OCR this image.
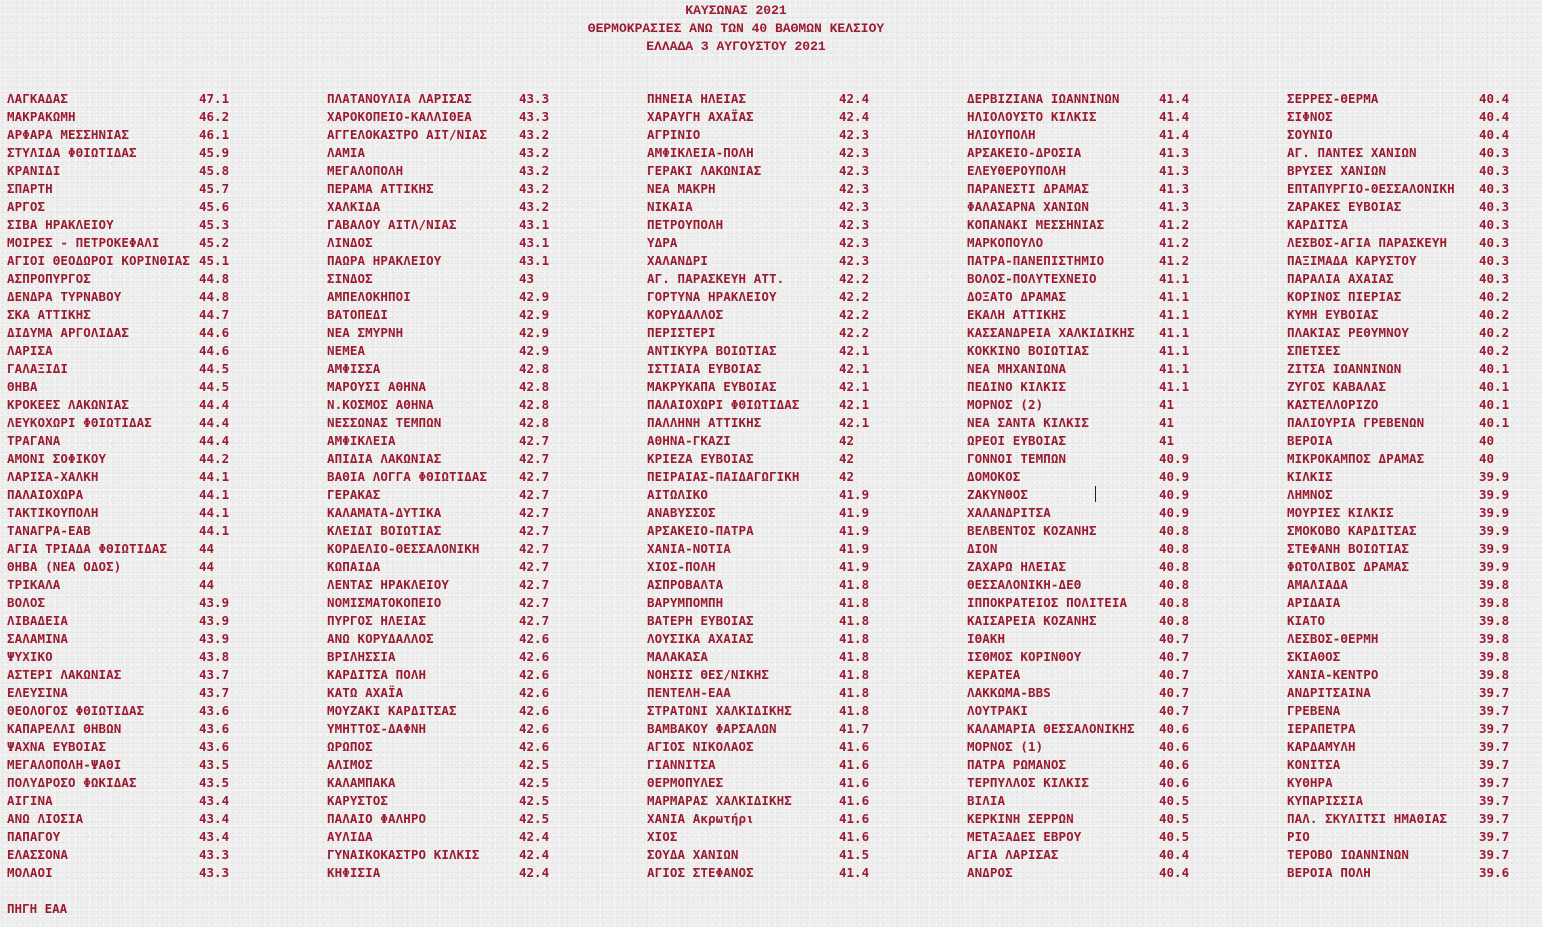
ΚΑΥΣΩΝΑΣ 2021
ΘΕΡΜΟΚΡΑΣΙΕΣ ΑΝΩ ΤΩΝ 40 ΒΑΘΜΩΝ ΚΕΛΣΙΟΥ
ΕΛΛΑΔΑ 3 ΑΥΓΟΥΣΤΟΥ 2021
ΛΑΓΚΑΔΑΣ	47.1
ΜΑΚΡΑΚΩΜΗ	46.2
ΑΡΦΑΡΑ ΜΕΣΣΗΝΙΑΣ	46.1
ΣΤΥΛΙΔΑ ΦΘΙΩΤΙΔΑΣ	45.9
ΚΡΑΝΙΔΙ	45.8
ΣΠΑΡΤΗ	45.7
ΑΡΓΟΣ	45.6
ΣΙΒΑ ΗΡΑΚΛΕΙΟΥ	45.3
ΜΟΙΡΕΣ - ΠΕΤΡΟΚΕΦΑΛΙ	45.2
ΑΓΙΟΙ ΘΕΟΔΩΡΟΙ ΚΟΡΙΝΘΙΑΣ 45.1
ΑΣΠΡΟΠΥΡΓΟΣ	44.8
ΔΕΝΔΡΑ ΤΥΡΝΑΒΟΥ	44.8
ΣΚΑ ΑΤΤΙΚΗΣ	44.7
ΔΙΔΥΜΑ ΑΡΓΟΛΙΔΑΣ	44.6
ΛΑΡΙΣΑ	44.6
ΓΑΛΑΞΙΔΙ	44.5
ΘΗΒΑ	44.5
ΚΡΟΚΕΕΣ ΛΑΚΩΝΙΑΣ	44.4
ΛΕΥΚΟΧΩΡΙ ΦΘΙΩΤΙΔΑΣ	44.4
ΤΡΑΓΑΝΑ	44.4
ΑΜΟΝΙ ΣΟΦΙΚΟΥ	44.2
ΛΑΡΙΣΑ-ΧΑΛΚΗ	44.1
ΠΑΛΑΙΟΧΩΡΑ	44.1
ΤΑΚΤΙΚΟΥΠΟΛΗ	44.1
ΤΑΝΑΓΡΑ-ΕΑΒ	44.1
ΑΓΙΑ ΤΡΙΑΔΑ ΦΘΙΩΤΙΔΑΣ	44
ΘΗΒΑ (ΝΕΑ ΟΔΟΣ)	44
ΤΡΙΚΑΛΑ	44
ΒΟΛΟΣ	43.9
ΛΙΒΑΔΕΙΑ	43.9
ΣΑΛΑΜΙΝΑ	43.9
ΨΥΧΙΚΟ	43.8
ΑΣΤΕΡΙ ΛΑΚΩΝΙΑΣ	43.7
ΕΛΕΥΣΙΝΑ	43.7
ΘΕΟΛΟΓΟΣ ΦΘΙΩΤΙΔΑΣ	43.6
ΚΑΠΑΡΕΛΛΙ ΘΗΒΩΝ	43.6
ΨΑΧΝΑ ΕΥΒΟΙΑΣ	43.6
ΜΕΓΑΛΟΠΟΛΗ-ΨΑΘΙ	43.5
ΠΟΛΥΔΡΟΣΟ ΦΩΚΙΔΑΣ	43.5
ΑΙΓΙΝΑ	43.4
ΑΝΩ ΛΙΟΣΙΑ	43.4
ΠΑΠΑΓΟΥ	43.4
ΕΛΑΣΣΟΝΑ	43.3
ΜΟΛΑΟΙ	43.3
ΠΛΑΤΑΝΟΥΛΙΑ ΛΑΡΙΣΑΣ	43.3
ΧΑΡΟΚΟΠΕΙΟ-ΚΑΛΛΙΘΕΑ	43.3
ΑΓΓΕΛΟΚΑΣΤΡΟ ΑΙΤ/ΝΙΑΣ	43.2
ΛΑΜΙΑ	43.2
ΜΕΓΑΛΟΠΟΛΗ	43.2
ΠΕΡΑΜΑ ΑΤΤΙΚΗΣ	43.2
ΧΑΛΚΙΔΑ	43.2
ΓΑΒΑΛΟΥ ΑΙΤΛ/ΝΙΑΣ	43.1
ΛΙΝΔΟΣ	43.1
ΠΑΩΡΑ ΗΡΑΚΛΕΙΟΥ	43.1
ΣΙΝΔΟΣ	43
ΑΜΠΕΛΟΚΗΠΟΙ	42.9
ΒΑΤΟΠΕΔΙ	42.9
ΝΕΑ ΣΜΥΡΝΗ	42.9
ΝΕΜΕΑ	42.9
ΑΜΦΙΣΣΑ	42.8
ΜΑΡΟΥΣΙ ΑΘΗΝΑ	42.8
Ν.ΚΟΣΜΟΣ ΑΘΗΝΑ	42.8
ΝΕΣΣΩΝΑΣ ΤΕΜΠΩΝ	42.8
ΑΜΦΙΚΛΕΙΑ	42.7
ΑΠΙΔΙΑ ΛΑΚΩΝΙΑΣ	42.7
ΒΑΘΙΑ ΛΟΓΓΑ ΦΘΙΩΤΙΔΑΣ	42.7
ΓΕΡΑΚΑΣ	42.7
ΚΑΛΑΜΑΤΑ-ΔΥΤΙΚΑ	42.7
ΚΛΕΙΔΙ ΒΟΙΩΤΙΑΣ	42.7
ΚΟΡΔΕΛΙΟ-ΘΕΣΣΑΛΟΝΙΚΗ	42.7
ΚΩΠΑΙΔΑ	42.7
ΛΕΝΤΑΣ ΗΡΑΚΛΕΙΟΥ	42.7
ΝΟΜΙΣΜΑΤΟΚΟΠΕΙΟ	42.7
ΠΥΡΓΟΣ ΗΛΕΙΑΣ	42.7
ΑΝΩ ΚΟΡΥΔΑΛΛΟΣ	42.6
ΒΡΙΛΗΣΣΙΑ	42.6
ΚΑΡΔΙΤΣΑ ΠΟΛΗ	42.6
ΚΑΤΩ ΑΧΑΪΑ	42.6
ΜΟΥΖΑΚΙ ΚΑΡΔΙΤΣΑΣ	42.6
ΥΜΗΤΤΟΣ-ΔΑΦΝΗ	42.6
ΩΡΩΠΟΣ	42.6
ΑΛΙΜΟΣ	42.5
ΚΑΛΑΜΠΑΚΑ	42.5
ΚΑΡΥΣΤΟΣ	42.5
ΠΑΛΑΙΟ ΦΑΛΗΡΟ	42.5
ΑΥΛΙΔΑ	42.4
ΓΥΝΑΙΚΟΚΑΣΤΡΟ ΚΙΛΚΙΣ	42.4
ΚΗΦΙΣΙΑ	42.4
ΠΗΝΕΙΑ ΗΛΕΙΑΣ	42.4
ΧΑΡΑΥΓΗ ΑΧΑΪΑΣ	42.4
ΑΓΡΙΝΙΟ	42.3
ΑΜΦΙΚΛΕΙΑ-ΠΟΛΗ	42.3
ΓΕΡΑΚΙ ΛΑΚΩΝΙΑΣ	42.3
ΝΕΑ ΜΑΚΡΗ	42.3
ΝΙΚΑΙΑ	42.3
ΠΕΤΡΟΥΠΟΛΗ	42.3
ΥΔΡΑ	42.3
ΧΑΛΑΝΔΡΙ	42.3
ΑΓ. ΠΑΡΑΣΚΕΥΗ ΑΤΤ.	42.2
ΓΟΡΤΥΝΑ ΗΡΑΚΛΕΙΟΥ	42.2
ΚΟΡΥΔΑΛΛΟΣ	42.2
ΠΕΡΙΣΤΕΡΙ	42.2
ΑΝΤΙΚΥΡΑ ΒΟΙΩΤΙΑΣ	42.1
ΙΣΤΙΑΙΑ ΕΥΒΟΙΑΣ	42.1
ΜΑΚΡΥΚΑΠΑ ΕΥΒΟΙΑΣ	42.1
ΠΑΛΑΙΟΧΩΡΙ ΦΘΙΩΤΙΔΑΣ	42.1
ΠΑΛΛΗΝΗ ΑΤΤΙΚΗΣ	42.1
ΑΘΗΝΑ-ΓΚΑΖΙ	42
ΚΡΙΕΖΑ ΕΥΒΟΙΑΣ	42
ΠΕΙΡΑΙΑΣ-ΠΑΙΔΑΓΩΓΙΚΗ	42
ΑΙΤΩΛΙΚΟ	41.9
ΑΝΑΒΥΣΣΟΣ	41.9
ΑΡΣΑΚΕΙΟ-ΠΑΤΡΑ	41.9
ΧΑΝΙΑ-ΝΟΤΙΑ	41.9
ΧΙΟΣ-ΠΟΛΗ	41.9
ΑΣΠΡΟΒΑΛΤΑ	41.8
ΒΑΡΥΜΠΟΜΠΗ	41.8
ΒΑΤΕΡΗ ΕΥΒΟΙΑΣ	41.8
ΛΟΥΣΙΚΑ ΑΧΑΙΑΣ	41.8
ΜΑΛΑΚΑΣΑ	41.8
ΝΟΗΣΙΣ ΘΕΣ/ΝΙΚΗΣ	41.8
ΠΕΝΤΕΛΗ-ΕΑΑ	41.8
ΣΤΡΑΤΩΝΙ ΧΑΛΚΙΔΙΚΗΣ	41.8
ΒΑΜΒΑΚΟΥ ΦΑΡΣΑΛΩΝ	41.7
ΑΓΙΟΣ ΝΙΚΟΛΑΟΣ	41.6
ΓΙΑΝΝΙΤΣΑ	41.6
ΘΕΡΜΟΠΥΛΕΣ	41.6
ΜΑΡΜΑΡΑΣ ΧΑΛΚΙΔΙΚΗΣ	41.6
ΧΑΝΙΑ Ακρωτήρι	41.6
ΧΙΟΣ	41.6
ΣΟΥΔΑ ΧΑΝΙΩΝ	41.5
ΑΓΙΟΣ ΣΤΕΦΑΝΟΣ	41.4
ΔΕΡΒΙΖΙΑΝΑ ΙΩΑΝΝΙΝΩΝ	41.4
ΗΛΙΟΛΟΥΣΤΟ ΚΙΛΚΙΣ	41.4
ΗΛΙΟΥΠΟΛΗ	41.4
ΑΡΣΑΚΕΙΟ-ΔΡΟΣΙΑ	41.3
ΕΛΕΥΘΕΡΟΥΠΟΛΗ	41.3
ΠΑΡΑΝΕΣΤΙ ΔΡΑΜΑΣ	41.3
ΦΑΛΑΣΑΡΝΑ ΧΑΝΙΩΝ	41.3
ΚΟΠΑΝΑΚΙ ΜΕΣΣΗΝΙΑΣ	41.2
ΜΑΡΚΟΠΟΥΛΟ	41.2
ΠΑΤΡΑ-ΠΑΝΕΠΙΣΤΗΜΙΟ	41.2
ΒΟΛΟΣ-ΠΟΛΥΤΕΧΝΕΙΟ	41.1
ΔΟΞΑΤΟ ΔΡΑΜΑΣ	41.1
ΕΚΑΛΗ ΑΤΤΙΚΗΣ	41.1
ΚΑΣΣΑΝΔΡΕΙΑ ΧΑΛΚΙΔΙΚΗΣ 41.1
ΚΟΚΚΙΝΟ ΒΟΙΩΤΙΑΣ	41.1
ΝΕΑ ΜΗΧΑΝΙΩΝΑ	41.1
ΠΕΔΙΝΟ ΚΙΛΚΙΣ	41.1
ΜΟΡΝΟΣ (2)	41
ΝΕΑ ΣΑΝΤΑ ΚΙΛΚΙΣ	41
ΩΡΕΟΙ ΕΥΒΟΙΑΣ	41
ΓΟΝΝΟΙ ΤΕΜΠΩΝ	40.9
ΔΟΜΟΚΟΣ	40.9
ΖΑΚΥΝΘΟΣ	40.9
ΧΑΛΑΝΔΡΙΤΣΑ	40.9
ΒΕΛΒΕΝΤΟΣ ΚΟΖΑΝΗΣ	40.8
ΔΙΟΝ	40.8
ΖΑΧΑΡΩ ΗΛΕΙΑΣ	40.8
ΘΕΣΣΑΛΟΝΙΚΗ-ΔΕΘ	40.8
ΙΠΠΟΚΡΑΤΕΙΟΣ ΠΟΛΙΤΕΙΑ	40.8
ΚΑΙΣΑΡΕΙΑ ΚΟΖΑΝΗΣ	40.8
ΙΘΑΚΗ	40.7
ΙΣΘΜΟΣ ΚΟΡΙΝΘΟΥ	40.7
ΚΕΡΑΤΕΑ	40.7
ΛΑΚΚΩΜΑ-BBS	40.7
ΛΟΥΤΡΑΚΙ	40.7
ΚΑΛΑΜΑΡΙΑ ΘΕΣΣΑΛΟΝΙΚΗΣ 40.6
ΜΟΡΝΟΣ (1)	40.6
ΠΑΤΡΑ ΡΩΜΑΝΟΣ	40.6
ΤΕΡΠΥΛΛΟΣ ΚΙΛΚΙΣ	40.6
ΒΙΛΙΑ	40.5
ΚΕΡΚΙΝΗ ΣΕΡΡΩΝ	40.5
ΜΕΤΑΞΑΔΕΣ ΕΒΡΟΥ	40.5
ΑΓΙΑ ΛΑΡΙΣΑΣ	40.4
ΑΝΔΡΟΣ	40.4
ΣΕΡΡΕΣ-ΘΕΡΜΑ	40.4
ΣΙΦΝΟΣ	40.4
ΣΟΥΝΙΟ	40.4
ΑΓ. ΠΑΝΤΕΣ ΧΑΝΙΩΝ	40.3
ΒΡΥΣΕΣ ΧΑΝΙΩΝ	40.3
ΕΠΤΑΠΥΡΓΙΟ-ΘΕΣΣΑΛΟΝΙΚΗ 40.3
ΖΑΡΑΚΕΣ ΕΥΒΟΙΑΣ	40.3
ΚΑΡΔΙΤΣΑ	40.3
ΛΕΣΒΟΣ-ΑΓΙΑ ΠΑΡΑΣΚΕΥΗ	40.3
ΠΑΞΙΜΑΔΑ ΚΑΡΥΣΤΟΥ	40.3
ΠΑΡΑΛΙΑ ΑΧΑΙΑΣ	40.3
ΚΟΡΙΝΟΣ ΠΙΕΡΙΑΣ	40.2
ΚΥΜΗ ΕΥΒΟΙΑΣ	40.2
ΠΛΑΚΙΑΣ ΡΕΘΥΜΝΟΥ	40.2
ΣΠΕΤΣΕΣ	40.2
ΖΙΤΣΑ ΙΩΑΝΝΙΝΩΝ	40.1
ΖΥΓΟΣ ΚΑΒΑΛΑΣ	40.1
ΚΑΣΤΕΛΛΟΡΙΖΟ	40.1
ΠΑΛΙΟΥΡΙΑ ΓΡΕΒΕΝΩΝ	40.1
ΒΕΡΟΙΑ	40
ΜΙΚΡΟΚΑΜΠΟΣ ΔΡΑΜΑΣ	40
ΚΙΛΚΙΣ	39.9
ΛΗΜΝΟΣ	39.9
ΜΟΥΡΙΕΣ ΚΙΛΚΙΣ	39.9
ΣΜΟΚΟΒΟ ΚΑΡΔΙΤΣΑΣ	39.9
ΣΤΕΦΑΝΗ ΒΟΙΩΤΙΑΣ	39.9
ΦΩΤΟΛΙΒΟΣ ΔΡΑΜΑΣ	39.9
ΑΜΑΛΙΑΔΑ	39.8
ΑΡΙΔΑΙΑ	39.8
ΚΙΑΤΟ	39.8
ΛΕΣΒΟΣ-ΘΕΡΜΗ	39.8
ΣΚΙΑΘΟΣ	39.8
ΧΑΝΙΑ-ΚΕΝΤΡΟ	39.8
ΑΝΔΡΙΤΣΑΙΝΑ	39.7
ΓΡΕΒΕΝΑ	39.7
ΙΕΡΑΠΕΤΡΑ	39.7
ΚΑΡΔΑΜΥΛΗ	39.7
ΚΟΝΙΤΣΑ	39.7
ΚΥΘΗΡΑ	39.7
ΚΥΠΑΡΙΣΣΙΑ	39.7
ΠΑΛ. ΣΚΥΛΙΤΣΙ ΗΜΑΘΙΑΣ	39.7
ΡΙΟ	39.7
ΤΕΡΟΒΟ ΙΩΑΝΝΙΝΩΝ	39.7
ΒΕΡΟΙΑ ΠΟΛΗ	39.6
ΠΗΓΗ ΕΑΑ
